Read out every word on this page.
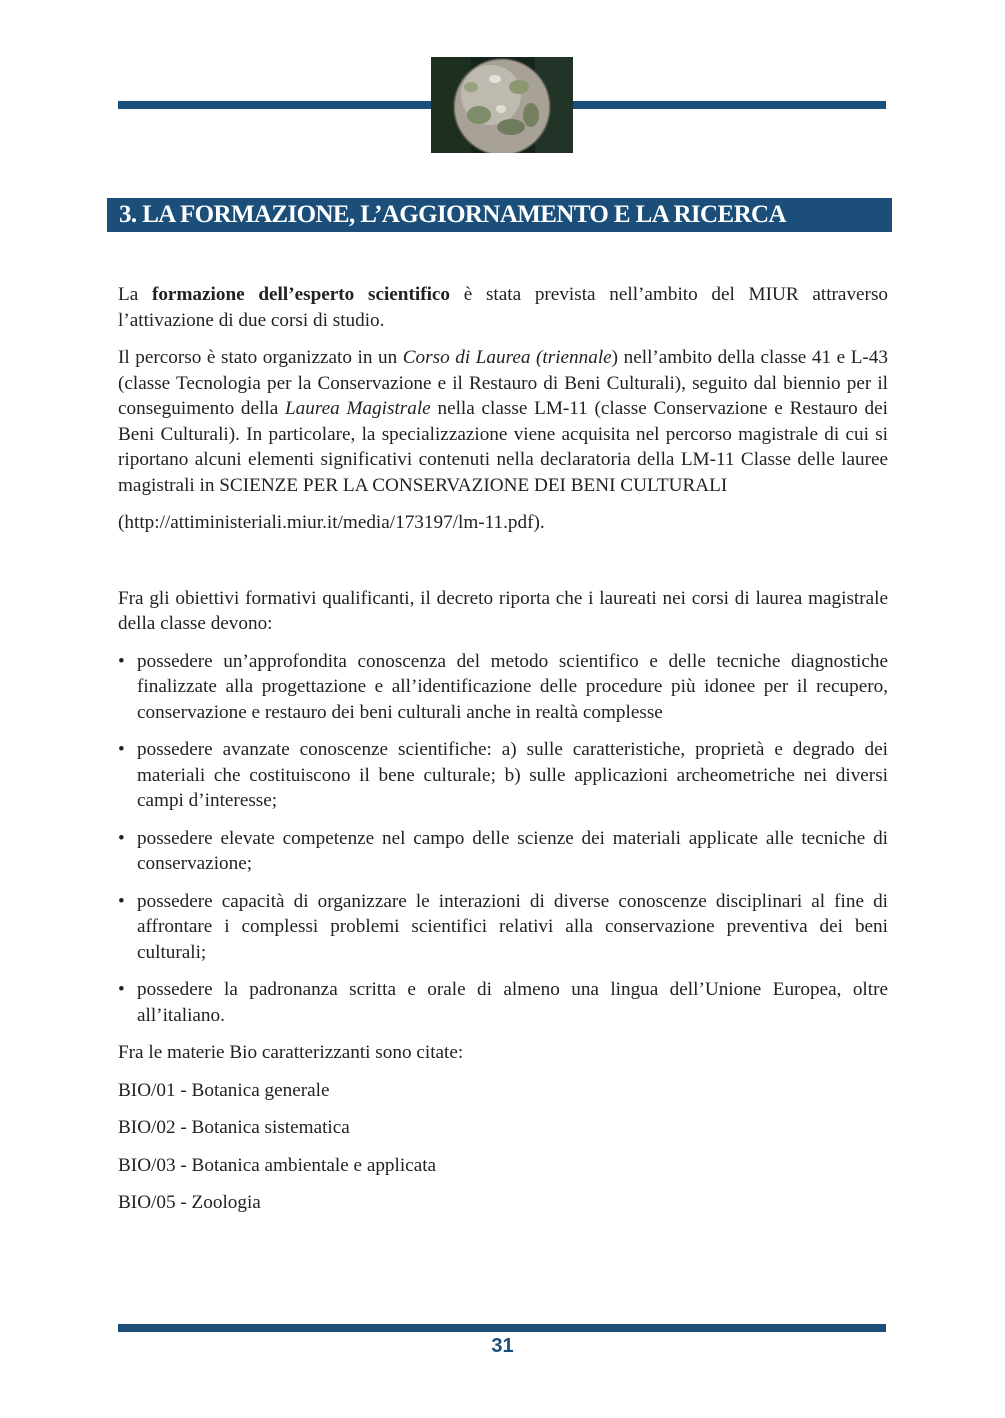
3. LA FORMAZIONE, L’AGGIORNAMENTO E LA RICERCA

La formazione dell’esperto scientifico è stata prevista nell’ambito del MIUR attraverso l’attivazione di due corsi di studio.

Il percorso è stato organizzato in un Corso di Laurea (triennale) nell’ambito della classe 41 e L-43 (classe Tecnologia per la Conservazione e il Restauro di Beni Culturali), seguito dal biennio per il conseguimento della Laurea Magistrale nella classe LM-11 (classe Conservazione e Restauro dei Beni Culturali). In particolare, la specializzazione viene acquisita nel percorso magistrale di cui si riportano alcuni elementi significativi contenuti nella declaratoria della LM-11 Classe delle lauree magistrali in SCIENZE PER LA CONSERVAZIONE DEI BENI CULTURALI

(http://attiministeriali.miur.it/media/173197/lm-11.pdf).

Fra gli obiettivi formativi qualificanti, il decreto riporta che i laureati nei corsi di laurea magistrale della classe devono:

• possedere un’approfondita conoscenza del metodo scientifico e delle tecniche diagnostiche finalizzate alla progettazione e all’identificazione delle procedure più idonee per il recupero, conservazione e restauro dei beni culturali anche in realtà complesse
• possedere avanzate conoscenze scientifiche: a) sulle caratteristiche, proprietà e degrado dei materiali che costituiscono il bene culturale; b) sulle applicazioni archeometriche nei diversi campi d’interesse;
• possedere elevate competenze nel campo delle scienze dei materiali applicate alle tecniche di conservazione;
• possedere capacità di organizzare le interazioni di diverse conoscenze disciplinari al fine di affrontare i complessi problemi scientifici relativi alla conservazione preventiva dei beni culturali;
• possedere la padronanza scritta e orale di almeno una lingua dell’Unione Europea, oltre all’italiano.

Fra le materie Bio caratterizzanti sono citate:

BIO/01 - Botanica generale

BIO/02 - Botanica sistematica

BIO/03 - Botanica ambientale e applicata

BIO/05 - Zoologia

31
